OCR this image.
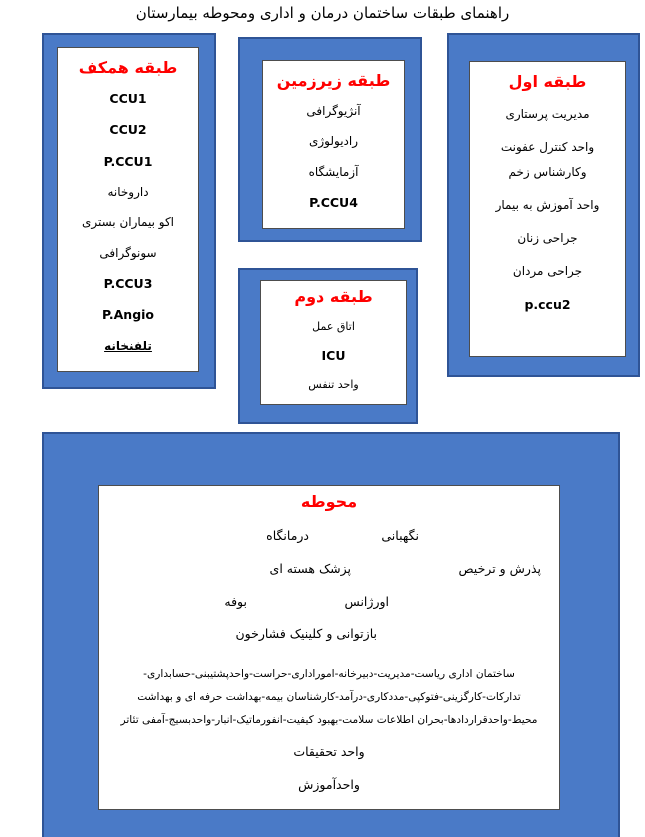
راهنمای طبقات ساختمان درمان و اداری ومحوطه بیمارستان
طبقه همکف
CCU1
CCU2
P.CCU1
داروخانه
اکو بیماران بستری
سونوگرافی
P.CCU3
P.Angio
تلفنخانه
طبقه زیرزمین
آنژیوگرافی
رادیولوژی
آزمایشگاه
P.CCU4
طبقه اول
مدیریت پرستاری
واحد کنترل عفونت
وکارشناس زخم
واحد آموزش به بیمار
جراحی زنان
جراحی مردان
p.ccu2
طبقه دوم
اتاق عمل
ICU
واحد تنفس
محوطه
نگهبانی
درمانگاه
پذرش و ترخیص
پزشک هسته ای
اورژانس
بوفه
بازتوانی و کلینیک فشارخون
ساختمان اداری ریاست-مدیریت-دبیرخانه-اموراداری-حراست-واحدپشتیبنی-حسابداری-
تدارکات-کارگزینی-فتوکپی-مددکاری-درآمد-کارشناسان بیمه-بهداشت حرفه ای و بهداشت
محیط-واحدقراردادها-بحران اطلاعات سلامت-بهبود کیفیت-انفورماتیک-انبار-واحدبسیج-آمفی تئاتر
واحد تحقیقات
واحدآموزش
